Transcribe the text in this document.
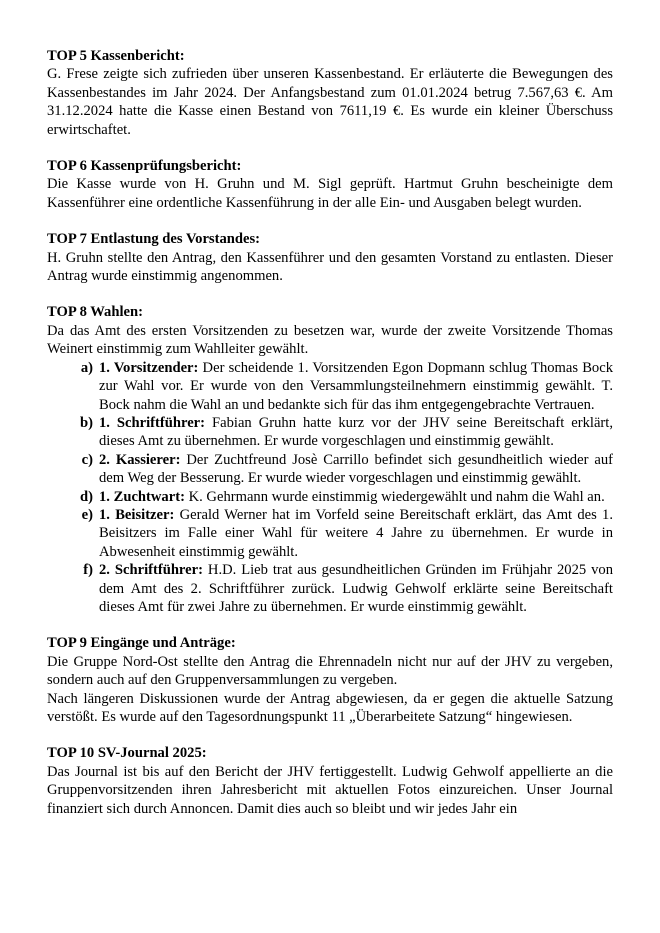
TOP 5 Kassenbericht:
G. Frese zeigte sich zufrieden über unseren Kassenbestand. Er erläuterte die Bewegungen des Kassenbestandes im Jahr 2024. Der Anfangsbestand zum 01.01.2024 betrug 7.567,63 €. Am 31.12.2024 hatte die Kasse einen Bestand von 7611,19 €. Es wurde ein kleiner Überschuss erwirtschaftet.
TOP 6 Kassenprüfungsbericht:
Die Kasse wurde von H. Gruhn und M. Sigl geprüft. Hartmut Gruhn bescheinigte dem Kassenführer eine ordentliche Kassenführung in der alle Ein- und Ausgaben belegt wurden.
TOP 7 Entlastung des Vorstandes:
H. Gruhn stellte den Antrag, den Kassenführer und den gesamten Vorstand zu entlasten. Dieser Antrag wurde einstimmig angenommen.
TOP 8 Wahlen:
Da das Amt des ersten Vorsitzenden zu besetzen war, wurde der zweite Vorsitzende Thomas Weinert einstimmig zum Wahlleiter gewählt.
a) 1. Vorsitzender: Der scheidende 1. Vorsitzenden Egon Dopmann schlug Thomas Bock zur Wahl vor. Er wurde von den Versammlungsteilnehmern einstimmig gewählt. T. Bock nahm die Wahl an und bedankte sich für das ihm entgegengebrachte Vertrauen.
b) 1. Schriftführer: Fabian Gruhn hatte kurz vor der JHV seine Bereitschaft erklärt, dieses Amt zu übernehmen. Er wurde vorgeschlagen und einstimmig gewählt.
c) 2. Kassierer: Der Zuchtfreund Josè Carrillo befindet sich gesundheitlich wieder auf dem Weg der Besserung. Er wurde wieder vorgeschlagen und einstimmig gewählt.
d) 1. Zuchtwart: K. Gehrmann wurde einstimmig wiedergewählt und nahm die Wahl an.
e) 1. Beisitzer: Gerald Werner hat im Vorfeld seine Bereitschaft erklärt, das Amt des 1. Beisitzers im Falle einer Wahl für weitere 4 Jahre zu übernehmen. Er wurde in Abwesenheit einstimmig gewählt.
f) 2. Schriftführer: H.D. Lieb trat aus gesundheitlichen Gründen im Frühjahr 2025 von dem Amt des 2. Schriftführer zurück. Ludwig Gehwolf erklärte seine Bereitschaft dieses Amt für zwei Jahre zu übernehmen. Er wurde einstimmig gewählt.
TOP 9 Eingänge und Anträge:
Die Gruppe Nord-Ost stellte den Antrag die Ehrennadeln nicht nur auf der JHV zu vergeben, sondern auch auf den Gruppenversammlungen zu vergeben.
Nach längeren Diskussionen wurde der Antrag abgewiesen, da er gegen die aktuelle Satzung verstößt. Es wurde auf den Tagesordnungspunkt 11 „Überarbeitete Satzung“ hingewiesen.
TOP 10 SV-Journal 2025:
Das Journal ist bis auf den Bericht der JHV fertiggestellt. Ludwig Gehwolf appellierte an die Gruppenvorsitzenden ihren Jahresbericht mit aktuellen Fotos einzureichen. Unser Journal finanziert sich durch Annoncen. Damit dies auch so bleibt und wir jedes Jahr ein
